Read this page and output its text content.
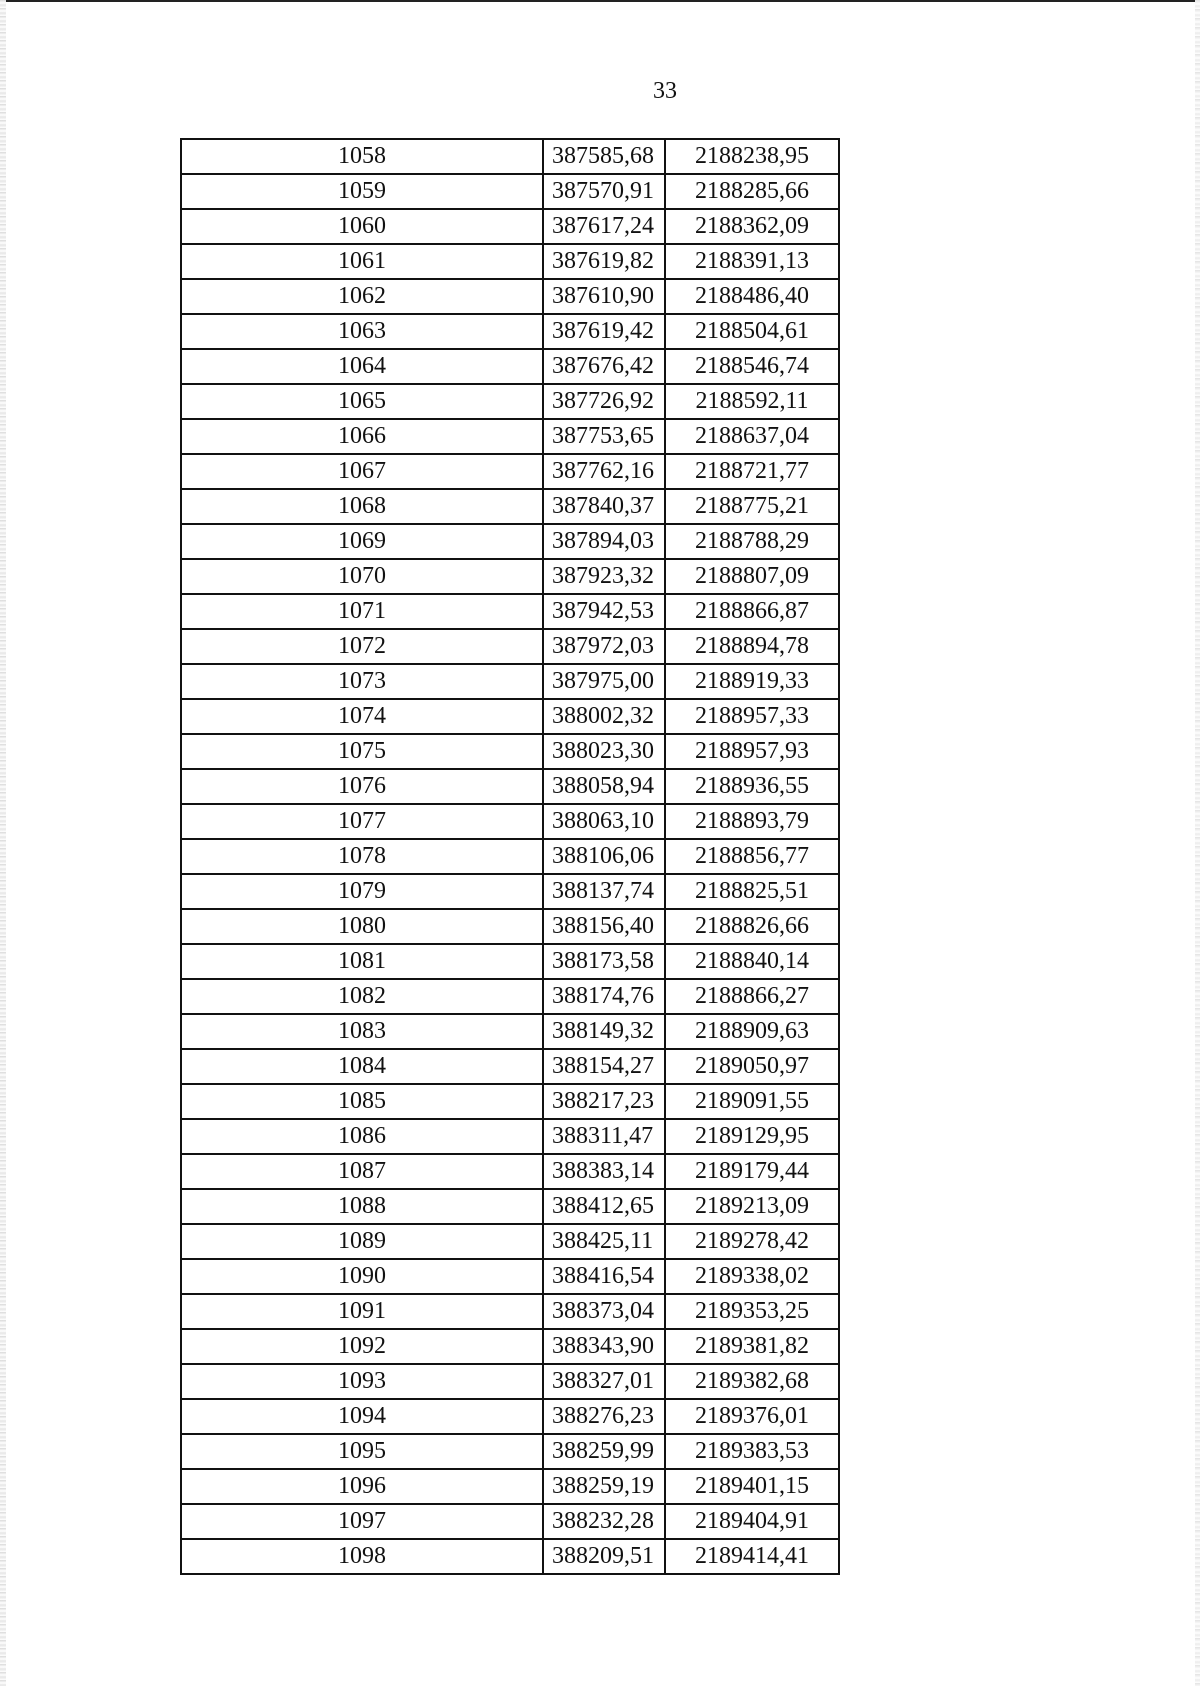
33
1058	387585,68	2188238,95
1059	387570,91	2188285,66
1060	387617,24	2188362,09
1061	387619,82	2188391,13
1062	387610,90	2188486,40
1063	387619,42	2188504,61
1064	387676,42	2188546,74
1065	387726,92	2188592,11
1066	387753,65	2188637,04
1067	387762,16	2188721,77
1068	387840,37	2188775,21
1069	387894,03	2188788,29
1070	387923,32	2188807,09
1071	387942,53	2188866,87
1072	387972,03	2188894,78
1073	387975,00	2188919,33
1074	388002,32	2188957,33
1075	388023,30	2188957,93
1076	388058,94	2188936,55
1077	388063,10	2188893,79
1078	388106,06	2188856,77
1079	388137,74	2188825,51
1080	388156,40	2188826,66
1081	388173,58	2188840,14
1082	388174,76	2188866,27
1083	388149,32	2188909,63
1084	388154,27	2189050,97
1085	388217,23	2189091,55
1086	388311,47	2189129,95
1087	388383,14	2189179,44
1088	388412,65	2189213,09
1089	388425,11	2189278,42
1090	388416,54	2189338,02
1091	388373,04	2189353,25
1092	388343,90	2189381,82
1093	388327,01	2189382,68
1094	388276,23	2189376,01
1095	388259,99	2189383,53
1096	388259,19	2189401,15
1097	388232,28	2189404,91
1098	388209,51	2189414,41
